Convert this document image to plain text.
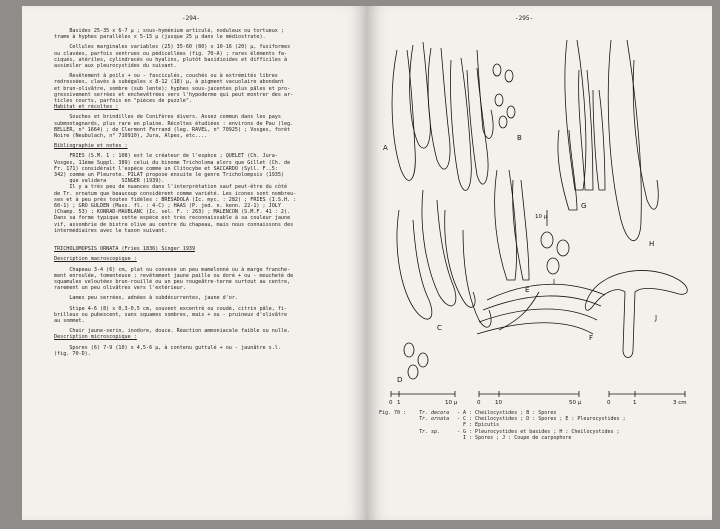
-294-
Basides 25-35 x 6-7 µ ; sous-hyménium articulé, noduleux ou tortueux ;
trame à hyphes parallèles x 5-15 µ (jusque 25 µ dans le médiostrate).
Cellules marginales variables (25) 35-60 (80) x 10-16 (20) µ, fusiformes
ou clavées, parfois ventrues ou pédicellées (fig. 70-A) ; rares éléments fa-
ciqués, atériles, cylindracés ou hyalins, plutôt basidioides et difficiles à
assimiler aux pleurocystides du suivant.
Revêtement à poils + ou - fasciculés, couchés ou à extrémités libres
redressées, clavés à subégales x 8-12 (18) µ, à pigment vacuolaire abondant
et brun-olivâtre, sombre (sub lente); hyphes sous-jacentes plus pâles et pro-
gressivement serrées et enchevêtrées vers l'hypoderme qui peut montrer des ar-
ticles courts, parfois en "pièces de puzzle".
Habitat et récoltes :
Souches et brindilles de Conifères divers. Assez commun dans les pays
submontagnards, plus rare en plaine. Récoltes étudiées : environs de Pau (leg.
BELLER, n° 1664) ; de Clermont Ferrand (leg. RAVEL, n° 70925) ; Vosges, forêt
Noire (Neubulach, n° 710910), Jura, Alpes, etc....
Bibliographie et notes :
FRIES (S.M. 1 : 108) est le créateur de l'espèce ; QUELET (Ch. Jura-
Vosges, 11ème Suppl. 389) celui du binome Tricholoma alors que Gillet (Ch. de
Fr. 171) considérait l'espèce comme un Clitocybe et SACCARDO (Syll. F.,5:
342) comme un Pleurote. PILAT propose ensuite le genre Tricholompsis (1935)
que validera     SINGER (1939).
Il y a très peu de nuances dans l'interprétation sauf peut-être du côté
de Tr. ornatum que beaucoup considèrent comme variété. Les icones sont nombreu-
ses et à peu près toutes fidèles : BRESADOLA (Ic. myc. : 282) ; FRIES (I.S.H. :
60-1) ; GRO GULDEN (Muss. fl. : 4-C) ; HAAS (P. jed. n. kenn. 22-1) ; JOLY
(Champ. 53) ; KONRAD-MAUBLANC (Ic. sel. F. : 263) ; MALENCON (S.M.F. 41 : 2).
Dans sa forme typique cette espèce est très reconnaissable à sa couleur jaune
vif, assombrie de bistre olive au centre du chapeau, mais nous connaissons des
intermédiaires avec le taxon suivant.
TRICHOLOMOPSIS ORNATA (Fries 1836) Singer 1939
Description macroscopique :
Chapeau 3-4 (6) cm, plat ou convexe un peu mamelonné ou à marge franche-
ment enroulée, tomenteuse ; revêtement jaune paille ou doré + ou - moucheté de
squamules veloutées brun-rouillé ou un peu rougeâtre-terne surtout au centre,
rarement un peu olivâtres vers l'extérieur.
Lames peu serrées, adnées à subdécurrentes, jaune d'or.
Stipe 4-6 (8) x 0,3-0,5 cm, souvent excentré ou coudé, citrin pâle, fi-
brilleux ou pubescent, sans squames sombres, mais + ou - pruineux d'olivâtre
au sommet.
Chair jaune-serin, inodore, douce. Réaction ammoniacale faible ou nulle.
Description microscopique :
Spores (6) 7-9 (10) x 4,5-6 µ, à contenu guttulé + ou - jaunâtre s.l.
(fig. 70-D).
-295-
A
B
C
D
E
F
G
H
I
J
10 µ
0 1	10 µ	0	10	50 µ	0	1	3 cm
Fig. 70 :	Tr. decora	- A : Cheilocystides ; B : Spores
Tr. ornata	- C : Cheilocystides ; D : Spores ; E : Pleurocystides ;
F : Epicutis
Tr. sp.	- G : Pleurocystides et basides ; H : Cheilocystides ;
I : Spores ; J : Coupe de carpophore
